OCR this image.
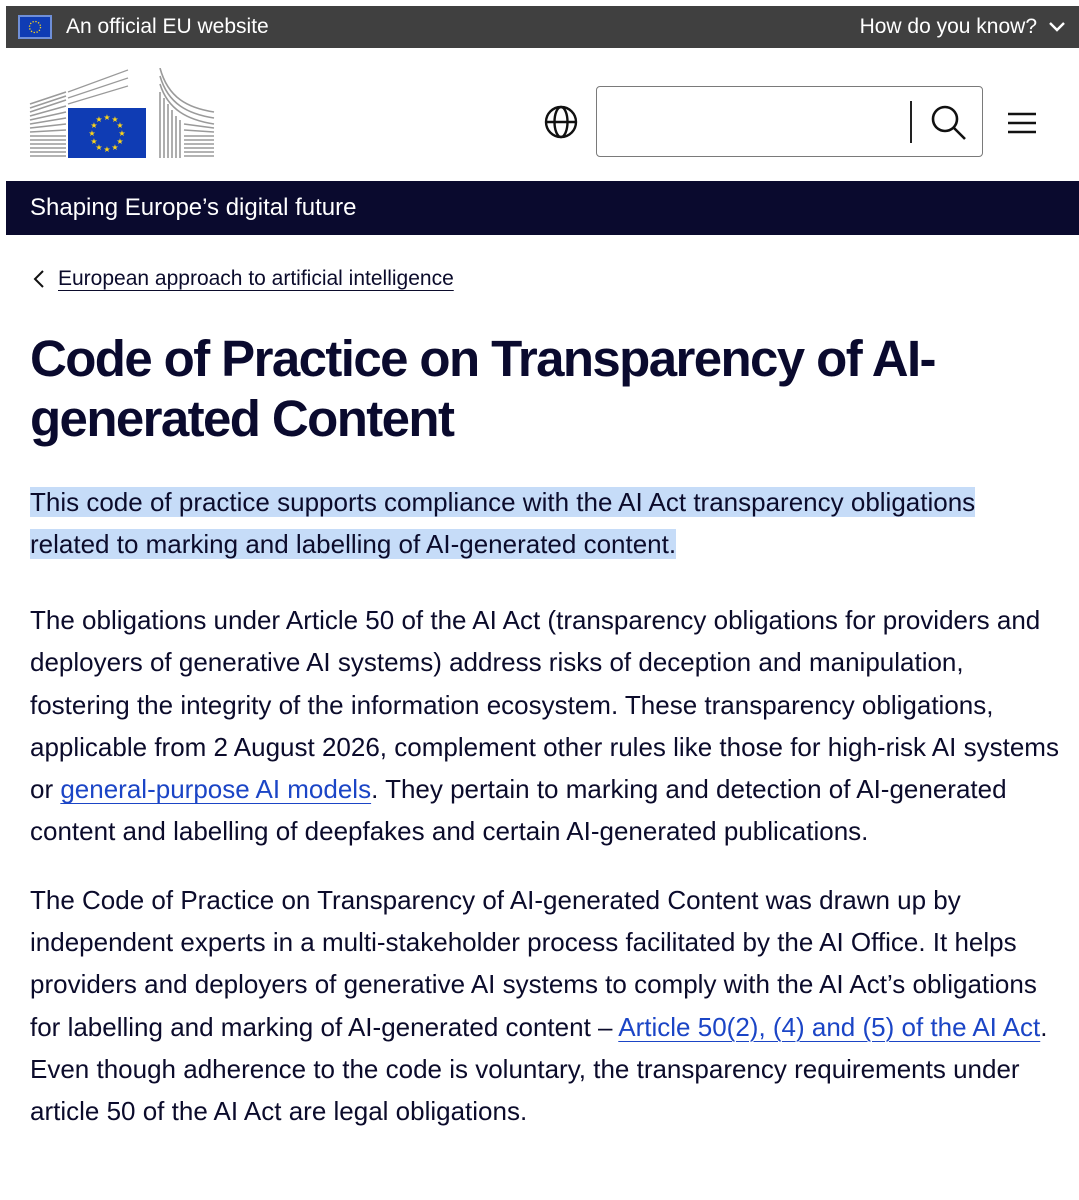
An official EU website	How do you know?
★ ★
★
★
★
★
★
★
★
★
★
★
Shaping Europe’s digital future
European approach to artificial intelligence
Code of Practice on Transparency of AI-generated Content
This code of practice supports compliance with the AI Act transparency obligations related to marking and labelling of AI-generated content.

The obligations under Article 50 of the AI Act (transparency obligations for providers and deployers of generative AI systems) address risks of deception and manipulation, fostering the integrity of the information ecosystem. These transparency obligations, applicable from 2 August 2026, complement other rules like those for high-risk AI systems or general-purpose AI models. They pertain to marking and detection of AI-generated content and labelling of deepfakes and certain AI-generated publications.

The Code of Practice on Transparency of AI-generated Content was drawn up by independent experts in a multi-stakeholder process facilitated by the AI Office. It helps providers and deployers of generative AI systems to comply with the AI Act’s obligations for labelling and marking of AI-generated content – Article 50(2), (4) and (5) of the AI Act. Even though adherence to the code is voluntary, the transparency requirements under article 50 of the AI Act are legal obligations.
